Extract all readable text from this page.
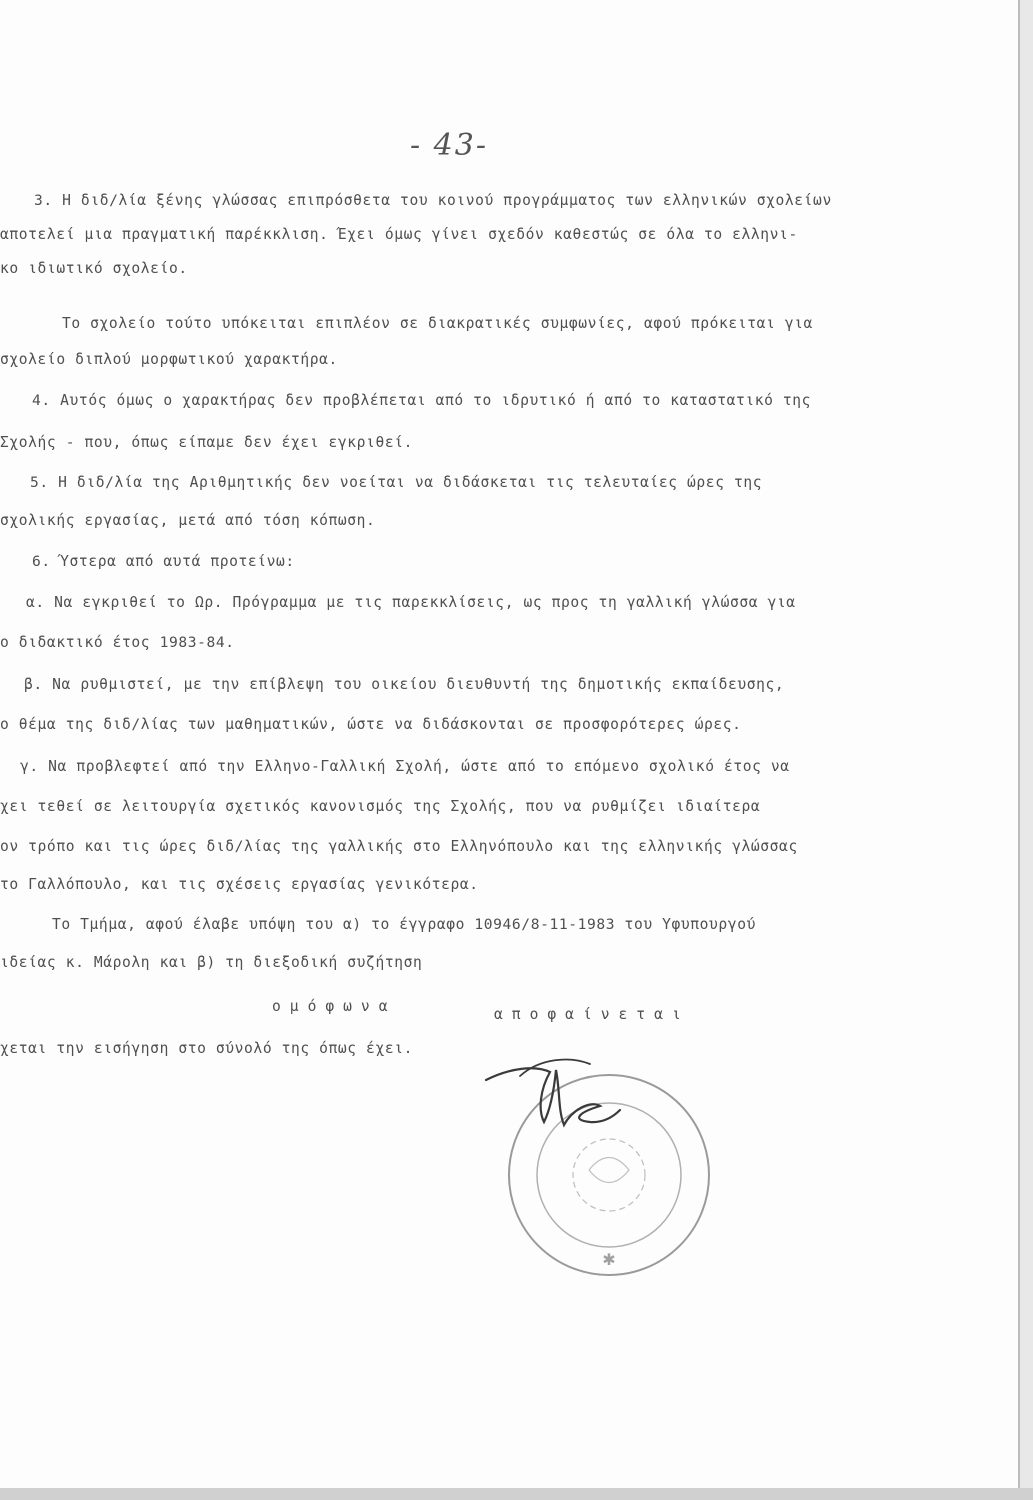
- 43-
3. Η διδ/λία ξένης γλώσσας επιπρόσθετα του κοινού προγράμματος των ελληνικών σχολείων
αποτελεί μια πραγματική παρέκκλιση. Έχει όμως γίνει σχεδόν καθεστώς σε όλα το ελληνι-
κο ιδιωτικό σχολείο.
Το σχολείο τούτο υπόκειται επιπλέον σε διακρατικές συμφωνίες, αφού πρόκειται για
σχολείο διπλού μορφωτικού χαρακτήρα.
4. Αυτός όμως ο χαρακτήρας δεν προβλέπεται από το ιδρυτικό ή από το καταστατικό της
Σχολής - που, όπως είπαμε δεν έχει εγκριθεί.
5. Η διδ/λία της Αριθμητικής δεν νοείται να διδάσκεται τις τελευταίες ώρες της
σχολικής εργασίας, μετά από τόση κόπωση.
6. Ύστερα από αυτά προτείνω:
α. Να εγκριθεί το Ωρ. Πρόγραμμα με τις παρεκκλίσεις, ως προς τη γαλλική γλώσσα για
ο διδακτικό έτος 1983-84.
β. Να ρυθμιστεί, με την επίβλεψη του οικείου διευθυντή της δημοτικής εκπαίδευσης,
ο θέμα της διδ/λίας των μαθηματικών, ώστε να διδάσκονται σε προσφορότερες ώρες.
γ. Να προβλεφτεί από την Ελληνο-Γαλλική Σχολή, ώστε από το επόμενο σχολικό έτος να
χει τεθεί σε λειτουργία σχετικός κανονισμός της Σχολής, που να ρυθμίζει ιδιαίτερα
ον τρόπο και τις ώρες διδ/λίας της γαλλικής στο Ελληνόπουλο και της ελληνικής γλώσσας
το Γαλλόπουλο, και τις σχέσεις εργασίας γενικότερα.
Το Τμήμα, αφού έλαβε υπόψη του α) το έγγραφο 10946/8-11-1983 του Υφυπουργού
ιδείας κ. Μάρολη και β) τη διεξοδική συζήτηση
ομόφωνα	αποφαίνεται
χεται την εισήγηση στο σύνολό της όπως έχει.
✱
